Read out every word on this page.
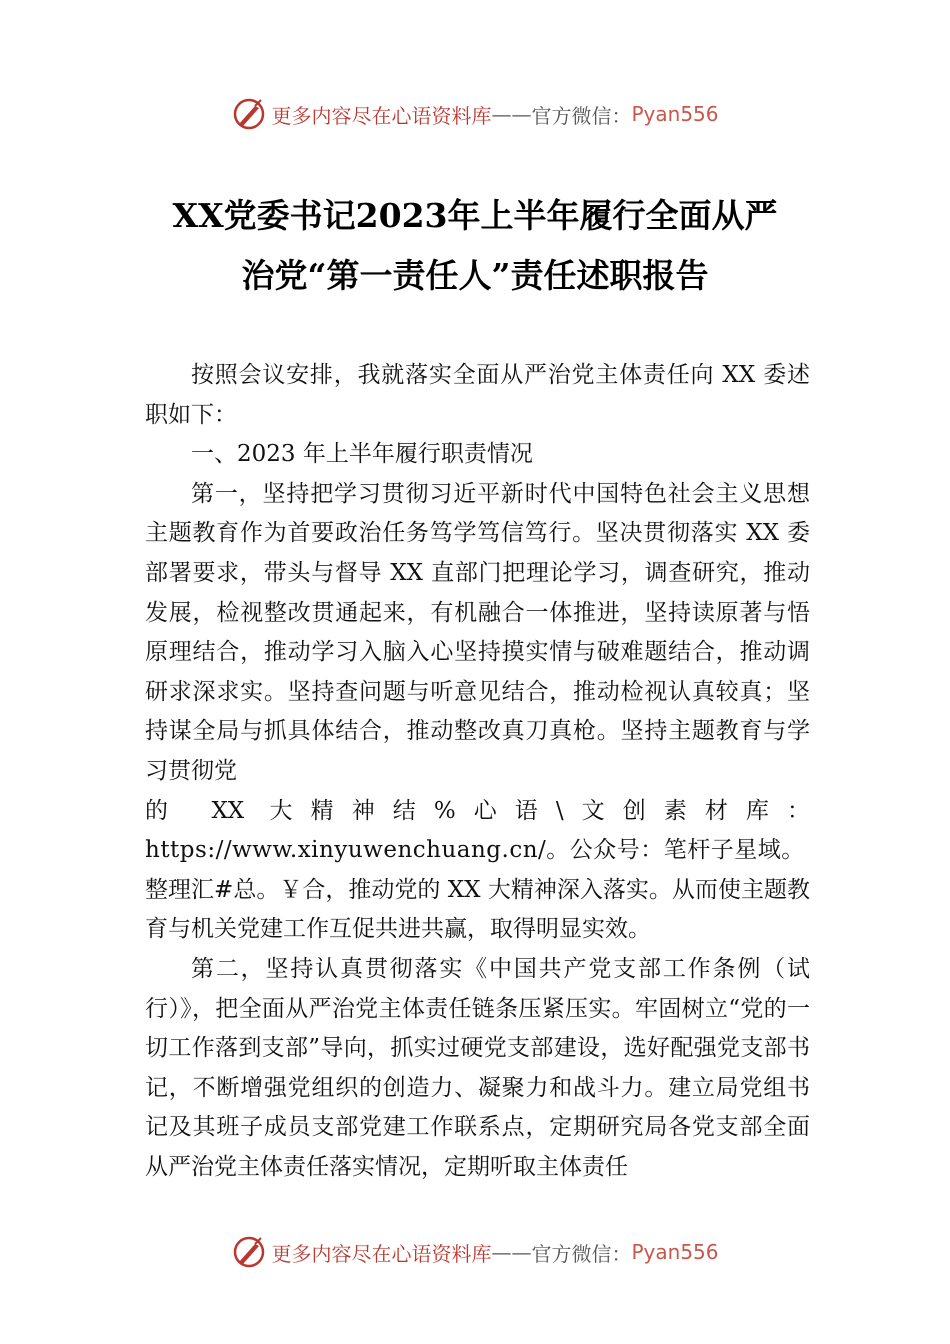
更多内容尽在心语资料库 —— 官方微信： Pyan556
XX党委书记2023年上半年履行全面从严
治党“第一责任人”责任述职报告

按照会议安排，我就落实全面从严治党主体责任向 XX 委述职如下：

一、2023 年上半年履行职责情况

第一，坚持把学习贯彻习近平新时代中国特色社会主义思想主题教育作为首要政治任务笃学笃信笃行。坚决贯彻落实 XX 委部署要求，带头与督导 XX 直部门把理论学习，调查研究，推动发展，检视整改贯通起来，有机融合一体推进，坚持读原著与悟原理结合，推动学习入脑入心坚持摸实情与破难题结合，推动调研求深求实。坚持查问题与听意见结合，推动检视认真较真；坚持谋全局与抓具体结合，推动整改真刀真枪。坚持主题教育与学习贯彻党

的 XX 大精神结%心语\文创素材库：

https://www.xinyuwenchuang.cn/。公众号：笔杆子星域。

整理汇#总。￥合，推动党的 XX 大精神深入落实。从而使主题教育与机关党建工作互促共进共赢，取得明显实效。

第二，坚持认真贯彻落实《中国共产党支部工作条例（试行）》，把全面从严治党主体责任链条压紧压实。牢固树立“党的一切工作落到支部”导向，抓实过硬党支部建设，选好配强党支部书记，不断增强党组织的创造力、凝聚力和战斗力。建立局党组书记及其班子成员支部党建工作联系点，定期研究局各党支部全面从严治党主体责任落实情况，定期听取主体责任

更多内容尽在心语资料库 —— 官方微信： Pyan556
